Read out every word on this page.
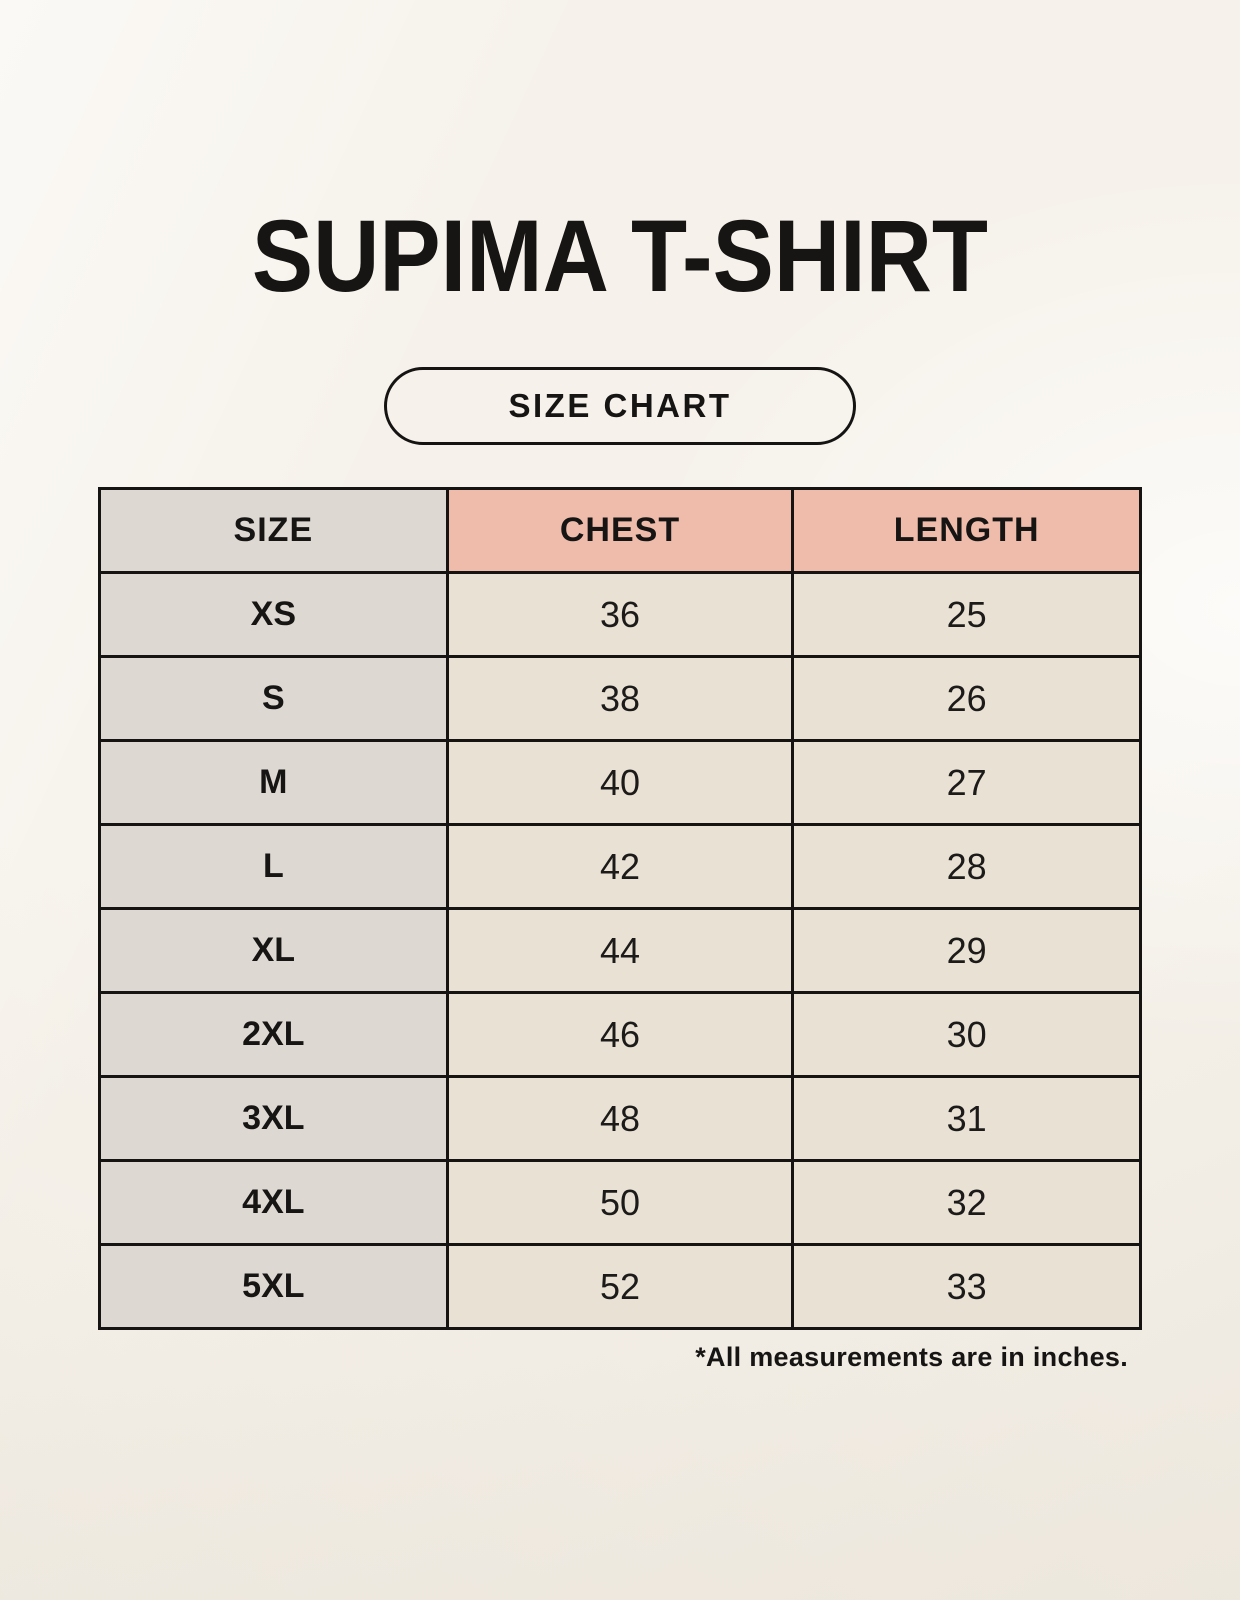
SUPIMA T-SHIRT
SIZE CHART
SIZE	CHEST	LENGTH
XS	36	25
S	38	26
M	40	27
L	42	28
XL	44	29
2XL	46	30
3XL	48	31
4XL	50	32
5XL	52	33
*All measurements are in inches.
